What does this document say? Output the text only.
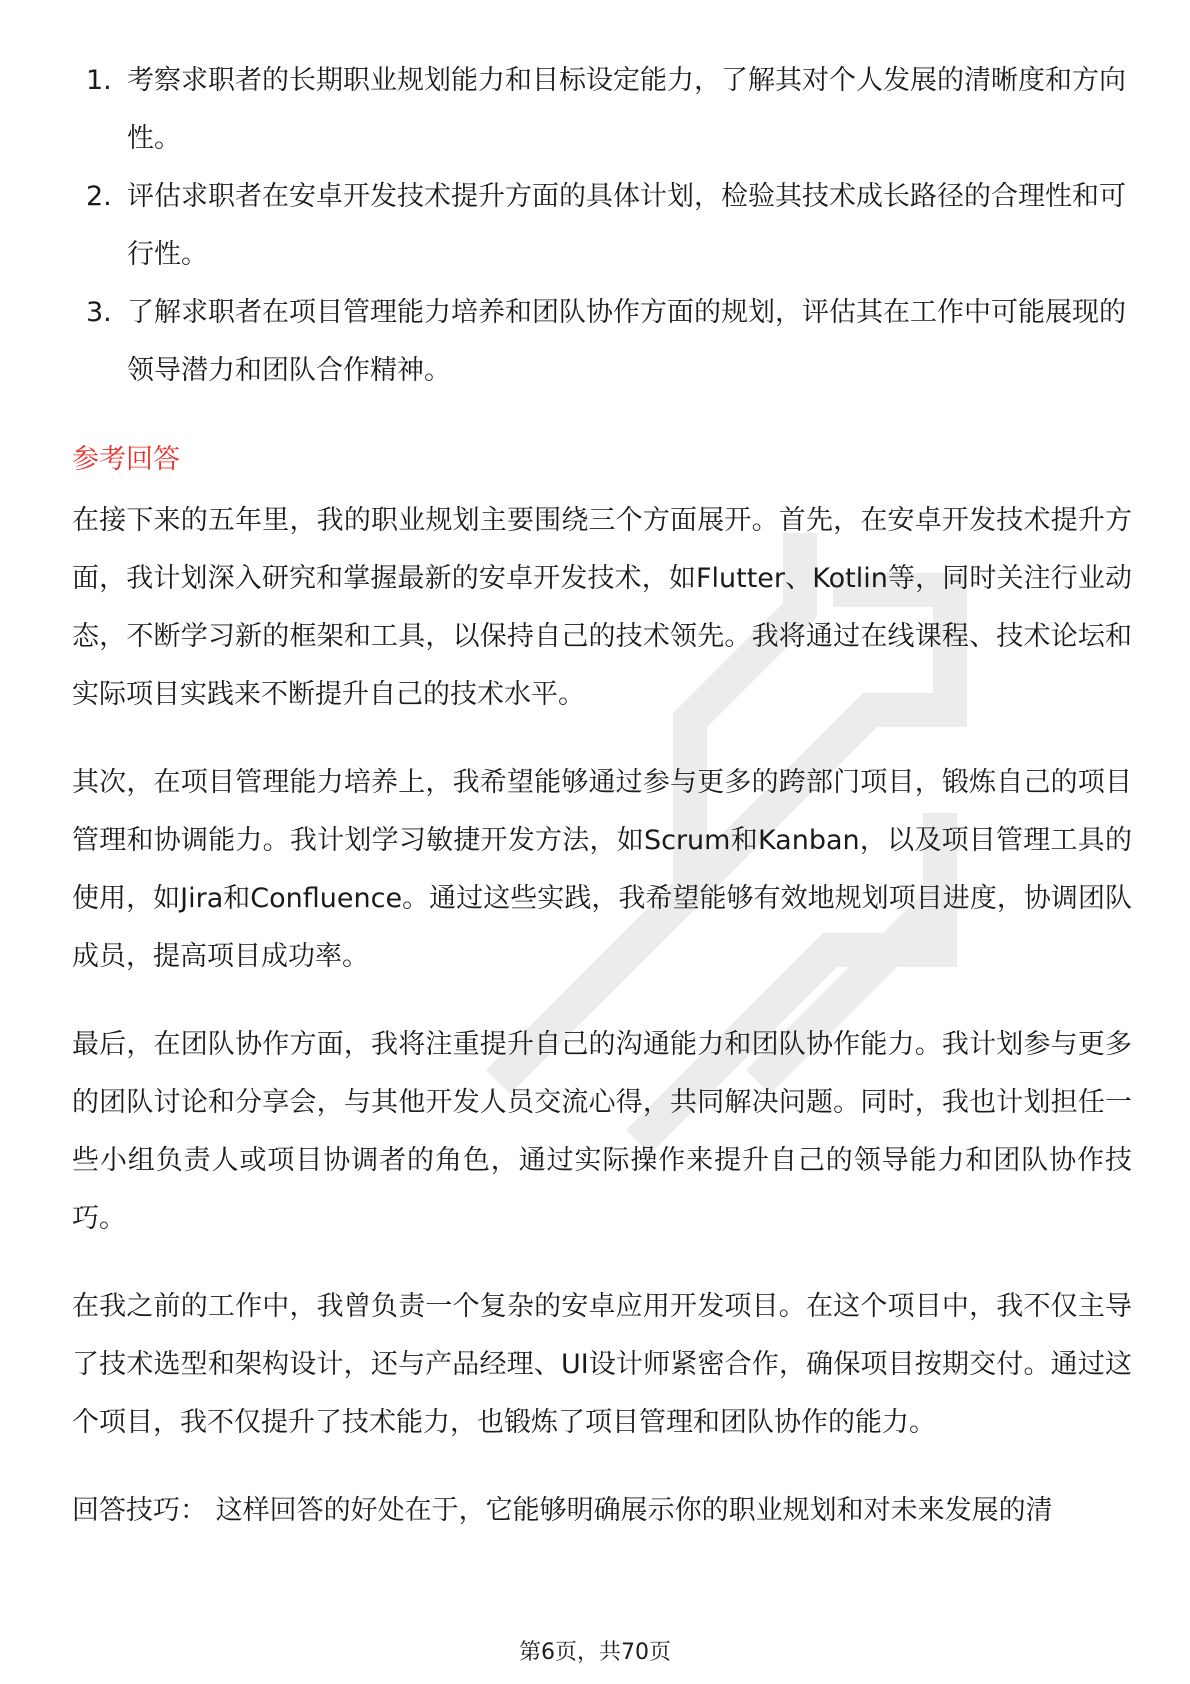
1. 考察求职者的长期职业规划能力和目标设定能力，了解其对个人发展的清晰度和方向性。
2. 评估求职者在安卓开发技术提升方面的具体计划，检验其技术成长路径的合理性和可行性。
3. 了解求职者在项目管理能力培养和团队协作方面的规划，评估其在工作中可能展现的领导潜力和团队合作精神。
参考回答

在接下来的五年里，我的职业规划主要围绕三个方面展开。首先，在安卓开发技术提升方面，我计划深入研究和掌握最新的安卓开发技术，如Flutter、Kotlin等，同时关注行业动态，不断学习新的框架和工具，以保持自己的技术领先。我将通过在线课程、技术论坛和实际项目实践来不断提升自己的技术水平。

其次，在项目管理能力培养上，我希望能够通过参与更多的跨部门项目，锻炼自己的项目管理和协调能力。我计划学习敏捷开发方法，如Scrum和Kanban，以及项目管理工具的使用，如Jira和Confluence。通过这些实践，我希望能够有效地规划项目进度，协调团队成员，提高项目成功率。

最后，在团队协作方面，我将注重提升自己的沟通能力和团队协作能力。我计划参与更多的团队讨论和分享会，与其他开发人员交流心得，共同解决问题。同时，我也计划担任一些小组负责人或项目协调者的角色，通过实际操作来提升自己的领导能力和团队协作技巧。

在我之前的工作中，我曾负责一个复杂的安卓应用开发项目。在这个项目中，我不仅主导了技术选型和架构设计，还与产品经理、UI设计师紧密合作，确保项目按期交付。通过这个项目，我不仅提升了技术能力，也锻炼了项目管理和团队协作的能力。

回答技巧： 这样回答的好处在于，它能够明确展示你的职业规划和对未来发展的清

第6页，共70页
